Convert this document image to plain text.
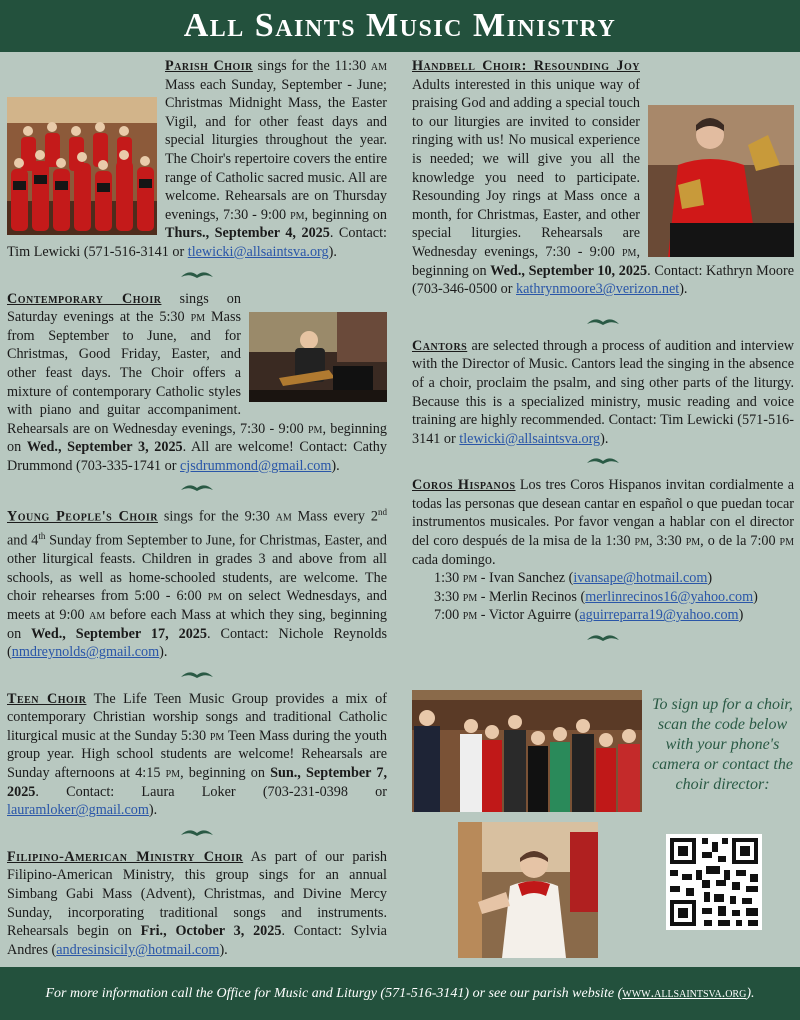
All Saints Music Ministry

Parish Choir sings for the 11:30 am Mass each Sunday, September - June; Christmas Midnight Mass, the Easter Vigil, and for other feast days and special liturgies throughout the year. The Choir's repertoire covers the entire range of Catholic sacred music. All are welcome. Rehearsals are on Thursday evenings, 7:30 - 9:00 pm, beginning on Thurs., September 4, 2025. Contact: Tim Lewicki (571-516-3141 or tlewicki@allsaintsva.org).

Contemporary Choir sings on Saturday evenings at the 5:30 pm Mass from September to June, and for Christmas, Good Friday, Easter, and other feast days. The Choir offers a mixture of contemporary Catholic styles with piano and guitar accompaniment. Rehearsals are on Wednesday evenings, 7:30 - 9:00 pm, beginning on Wed., September 3, 2025. All are welcome! Contact: Cathy Drummond (703-335-1741 or cjsdrummond@gmail.com).

Young People's Choir sings for the 9:30 am Mass every 2nd and 4th Sunday from September to June, for Christmas, Easter, and other liturgical feasts. Children in grades 3 and above from all schools, as well as home-schooled students, are welcome. The choir rehearses from 5:00 - 6:00 pm on select Wednesdays, and meets at 9:00 am before each Mass at which they sing, beginning on Wed., September 17, 2025. Contact: Nichole Reynolds (nmdreynolds@gmail.com).

Teen Choir The Life Teen Music Group provides a mix of contemporary Christian worship songs and traditional Catholic liturgical music at the Sunday 5:30 pm Teen Mass during the youth group year. High school students are welcome! Rehearsals are Sunday afternoons at 4:15 pm, beginning on Sun., September 7, 2025. Contact: Laura Loker (703-231-0398 or lauramloker@gmail.com).

Filipino-American Ministry Choir As part of our parish Filipino-American Ministry, this group sings for an annual Simbang Gabi Mass (Advent), Christmas, and Divine Mercy Sunday, incorporating traditional songs and instruments. Rehearsals begin on Fri., October 3, 2025. Contact: Sylvia Andres (andresinsicily@hotmail.com).

Handbell Choir: Resounding Joy Adults interested in this unique way of praising God and adding a special touch to our liturgies are invited to consider ringing with us! No musical experience is needed; we will give you all the knowledge you need to participate. Resounding Joy rings at Mass once a month, for Christmas, Easter, and other special liturgies. Rehearsals are Wednesday evenings, 7:30 - 9:00 pm, beginning on Wed., September 10, 2025. Contact: Kathryn Moore (703-346-0500 or kathrynmoore3@verizon.net).

Cantors are selected through a process of audition and interview with the Director of Music. Cantors lead the singing in the absence of a choir, proclaim the psalm, and sing other parts of the liturgy. Because this is a specialized ministry, music reading and voice training are highly recommended. Contact: Tim Lewicki (571-516-3141 or tlewicki@allsaintsva.org).

Coros Hispanos Los tres Coros Hispanos invitan cordialmente a todas las personas que desean cantar en español o que puedan tocar instrumentos musicales. Por favor vengan a hablar con el director del coro después de la misa de la 1:30 pm, 3:30 pm, o de la 7:00 pm cada domingo.

1:30 pm - Ivan Sanchez (ivansape@hotmail.com)

3:30 pm - Merlin Recinos (merlinrecinos16@yahoo.com)

7:00 pm - Victor Aguirre (aguirreparra19@yahoo.com)

To sign up for a choir, scan the code below with your phone's camera or contact the choir director:

For more information call the Office for Music and Liturgy (571-516-3141) or see our parish website (www.allsaintsva.org).
